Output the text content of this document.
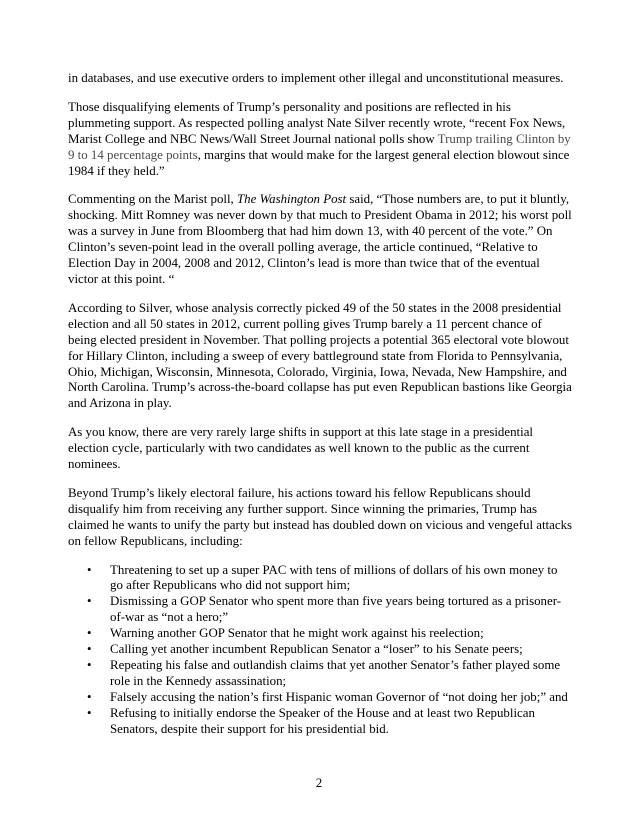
in databases, and use executive orders to implement other illegal and unconstitutional measures.

Those disqualifying elements of Trump’s personality and positions are reflected in his plummeting support. As respected polling analyst Nate Silver recently wrote, “recent Fox News, Marist College and NBC News/Wall Street Journal national polls show Trump trailing Clinton by 9 to 14 percentage points, margins that would make for the largest general election blowout since 1984 if they held.”

Commenting on the Marist poll, The Washington Post said, “Those numbers are, to put it bluntly, shocking. Mitt Romney was never down by that much to President Obama in 2012; his worst poll was a survey in June from Bloomberg that had him down 13, with 40 percent of the vote.” On Clinton’s seven-point lead in the overall polling average, the article continued, “Relative to Election Day in 2004, 2008 and 2012, Clinton’s lead is more than twice that of the eventual victor at this point. “

According to Silver, whose analysis correctly picked 49 of the 50 states in the 2008 presidential election and all 50 states in 2012, current polling gives Trump barely a 11 percent chance of being elected president in November. That polling projects a potential 365 electoral vote blowout for Hillary Clinton, including a sweep of every battleground state from Florida to Pennsylvania, Ohio, Michigan, Wisconsin, Minnesota, Colorado, Virginia, Iowa, Nevada, New Hampshire, and North Carolina. Trump’s across-the-board collapse has put even Republican bastions like Georgia and Arizona in play.

As you know, there are very rarely large shifts in support at this late stage in a presidential election cycle, particularly with two candidates as well known to the public as the current nominees.

Beyond Trump’s likely electoral failure, his actions toward his fellow Republicans should disqualify him from receiving any further support. Since winning the primaries, Trump has claimed he wants to unify the party but instead has doubled down on vicious and vengeful attacks on fellow Republicans, including:

• Threatening to set up a super PAC with tens of millions of dollars of his own money to go after Republicans who did not support him;
• Dismissing a GOP Senator who spent more than five years being tortured as a prisoner-of-war as “not a hero;”
• Warning another GOP Senator that he might work against his reelection;
• Calling yet another incumbent Republican Senator a “loser” to his Senate peers;
• Repeating his false and outlandish claims that yet another Senator’s father played some role in the Kennedy assassination;
• Falsely accusing the nation’s first Hispanic woman Governor of “not doing her job;” and
• Refusing to initially endorse the Speaker of the House and at least two Republican Senators, despite their support for his presidential bid.
2
